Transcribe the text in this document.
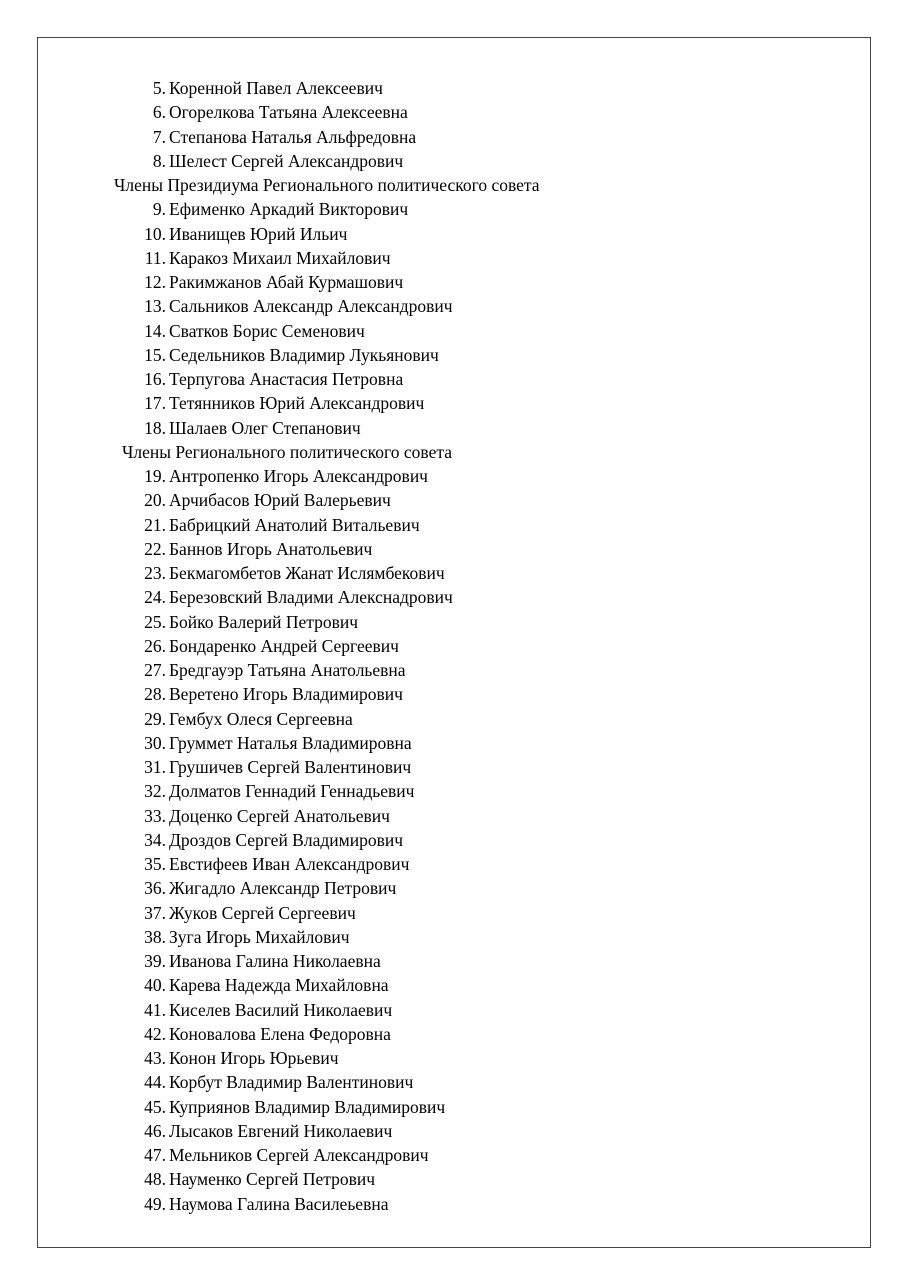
5. Коренной Павел Алексеевич
6. Огорелкова Татьяна Алексеевна
7. Степанова Наталья Альфредовна
8. Шелест Сергей Александрович
Члены Президиума Регионального политического совета
9. Ефименко Аркадий Викторович
10. Иванищев Юрий Ильич
11. Каракоз Михаил Михайлович
12. Ракимжанов Абай Курмашович
13. Сальников Александр Александрович
14. Сватков Борис Семенович
15. Седельников Владимир Лукьянович
16. Терпугова Анастасия Петровна
17. Тетянников Юрий Александрович
18. Шалаев Олег Степанович
Члены Регионального политического совета
19. Антропенко Игорь Александрович
20. Арчибасов Юрий Валерьевич
21. Бабрицкий Анатолий Витальевич
22. Баннов Игорь Анатольевич
23. Бекмагомбетов Жанат Ислямбекович
24. Березовский Владими Алекснадрович
25. Бойко Валерий Петрович
26. Бондаренко Андрей Сергеевич
27. Бредгауэр Татьяна Анатольевна
28. Веретено Игорь Владимирович
29. Гембух Олеся Сергеевна
30. Груммет Наталья Владимировна
31. Грушичев Сергей Валентинович
32. Долматов Геннадий Геннадьевич
33. Доценко Сергей Анатольевич
34. Дроздов Сергей Владимирович
35. Евстифеев Иван Александрович
36. Жигадло Александр Петрович
37. Жуков Сергей Сергеевич
38. Зуга Игорь Михайлович
39. Иванова Галина Николаевна
40. Карева Надежда Михайловна
41. Киселев Василий Николаевич
42. Коновалова Елена Федоровна
43. Конон Игорь Юрьевич
44. Корбут Владимир Валентинович
45. Куприянов Владимир Владимирович
46. Лысаков Евгений Николаевич
47. Мельников Сергей Александрович
48. Науменко Сергей Петрович
49. Наумова Галина Василеьевна
